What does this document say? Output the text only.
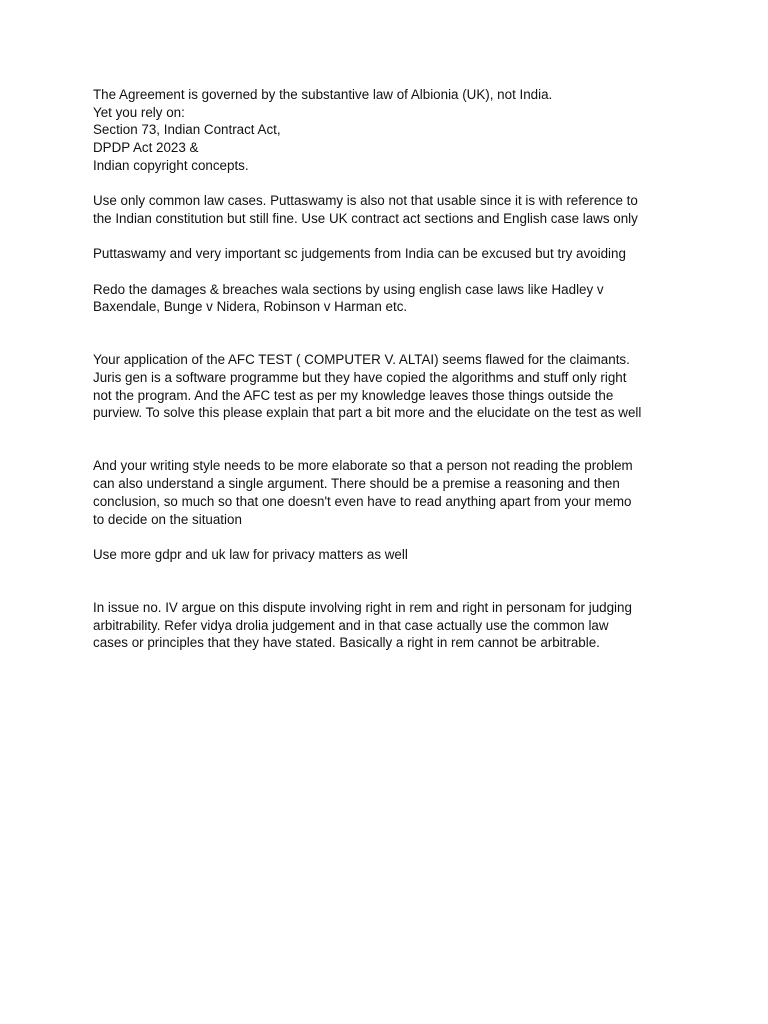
The Agreement is governed by the substantive law of Albionia (UK), not India.
Yet you rely on:
Section 73, Indian Contract Act,
DPDP Act 2023 &
Indian copyright concepts.
Use only common law cases. Puttaswamy is also not that usable since it is with reference to
the Indian constitution but still fine. Use UK contract act sections and English case laws only
Puttaswamy and very important sc judgements from India can be excused but try avoiding
Redo the damages & breaches wala sections by using english case laws like Hadley v
Baxendale, Bunge v Nidera, Robinson v Harman etc.
Your application of the AFC TEST ( COMPUTER V. ALTAI) seems flawed for the claimants.
Juris gen is a software programme but they have copied the algorithms and stuff only right
not the program. And the AFC test as per my knowledge leaves those things outside the
purview. To solve this please explain that part a bit more and the elucidate on the test as well
And your writing style needs to be more elaborate so that a person not reading the problem
can also understand a single argument. There should be a premise a reasoning and then
conclusion, so much so that one doesn't even have to read anything apart from your memo
to decide on the situation
Use more gdpr and uk law for privacy matters as well
In issue no. IV argue on this dispute involving right in rem and right in personam for judging
arbitrability. Refer vidya drolia judgement and in that case actually use the common law
cases or principles that they have stated. Basically a right in rem cannot be arbitrable.
